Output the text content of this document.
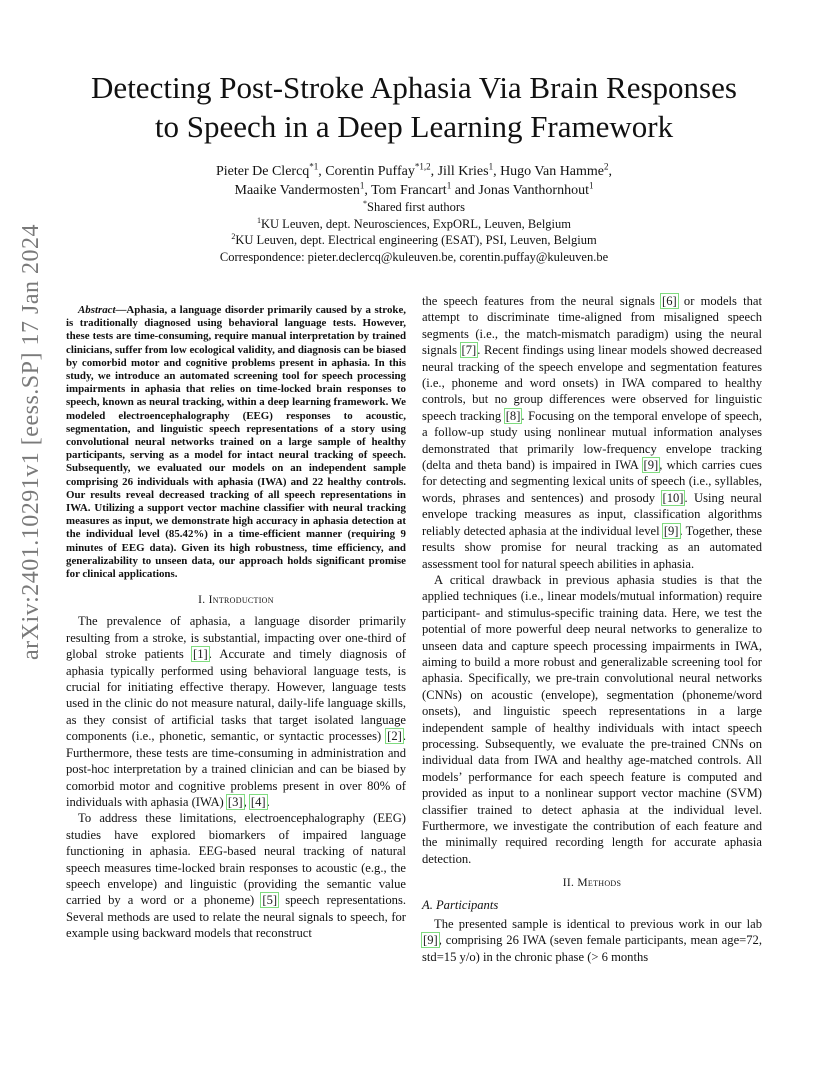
arXiv:2401.10291v1 [eess.SP] 17 Jan 2024
Detecting Post-Stroke Aphasia Via Brain Responses
to Speech in a Deep Learning Framework
Pieter De Clercq$^{*1}$, Corentin Puffay$^{*1,2}$, Jill Kries$^1$, Hugo Van Hamme$^2$,
Maaike Vandermosten$^1$, Tom Francart$^1$ and Jonas Vanthornhout$^1$
*Shared first authors
$^1$KU Leuven, dept. Neurosciences, ExpORL, Leuven, Belgium
$^2$KU Leuven, dept. Electrical engineering (ESAT), PSI, Leuven, Belgium
Correspondence: pieter.declercq@kuleuven.be, corentin.puffay@kuleuven.be

Abstract—Aphasia, a language disorder primarily caused by a stroke, is traditionally diagnosed using behavioral language tests. However, these tests are time-consuming, require manual interpretation by trained clinicians, suffer from low ecological validity, and diagnosis can be biased by comorbid motor and cognitive problems present in aphasia. In this study, we introduce an automated screening tool for speech processing impairments in aphasia that relies on time-locked brain responses to speech, known as neural tracking, within a deep learning framework. We modeled electroencephalography (EEG) responses to acoustic, segmentation, and linguistic speech representations of a story using convolutional neural networks trained on a large sample of healthy participants, serving as a model for intact neural tracking of speech. Subsequently, we evaluated our models on an independent sample comprising 26 individuals with aphasia (IWA) and 22 healthy controls. Our results reveal decreased tracking of all speech representations in IWA. Utilizing a support vector machine classifier with neural tracking measures as input, we demonstrate high accuracy in aphasia detection at the individual level (85.42%) in a time-efficient manner (requiring 9 minutes of EEG data). Given its high robustness, time efficiency, and generalizability to unseen data, our approach holds significant promise for clinical applications.

I. Introduction

The prevalence of aphasia, a language disorder primarily resulting from a stroke, is substantial, impacting over one-third of global stroke patients [1]. Accurate and timely diagnosis of aphasia typically performed using behavioral language tests, is crucial for initiating effective therapy. However, language tests used in the clinic do not measure natural, daily-life language skills, as they consist of artificial tasks that target isolated language components (i.e., phonetic, semantic, or syntactic processes) [2]. Furthermore, these tests are time-consuming in administration and post-hoc interpretation by a trained clinician and can be biased by comorbid motor and cognitive problems present in over 80% of individuals with aphasia (IWA) [3], [4].

To address these limitations, electroencephalography (EEG) studies have explored biomarkers of impaired language functioning in aphasia. EEG-based neural tracking of natural speech measures time-locked brain responses to acoustic (e.g., the speech envelope) and linguistic (providing the semantic value carried by a word or a phoneme) [5] speech representations. Several methods are used to relate the neural signals to speech, for example using backward models that reconstruct

the speech features from the neural signals [6] or models that attempt to discriminate time-aligned from misaligned speech segments (i.e., the match-mismatch paradigm) using the neural signals [7]. Recent findings using linear models showed decreased neural tracking of the speech envelope and segmentation features (i.e., phoneme and word onsets) in IWA compared to healthy controls, but no group differences were observed for linguistic speech tracking [8]. Focusing on the temporal envelope of speech, a follow-up study using nonlinear mutual information analyses demonstrated that primarily low-frequency envelope tracking (delta and theta band) is impaired in IWA [9], which carries cues for detecting and segmenting lexical units of speech (i.e., syllables, words, phrases and sentences) and prosody [10]. Using neural envelope tracking measures as input, classification algorithms reliably detected aphasia at the individual level [9]. Together, these results show promise for neural tracking as an automated assessment tool for natural speech abilities in aphasia.

A critical drawback in previous aphasia studies is that the applied techniques (i.e., linear models/mutual information) require participant- and stimulus-specific training data. Here, we test the potential of more powerful deep neural networks to generalize to unseen data and capture speech processing impairments in IWA, aiming to build a more robust and generalizable screening tool for aphasia. Specifically, we pre-train convolutional neural networks (CNNs) on acoustic (envelope), segmentation (phoneme/word onsets), and linguistic speech representations in a large independent sample of healthy individuals with intact speech processing. Subsequently, we evaluate the pre-trained CNNs on individual data from IWA and healthy age-matched controls. All models’ performance for each speech feature is computed and provided as input to a nonlinear support vector machine (SVM) classifier trained to detect aphasia at the individual level. Furthermore, we investigate the contribution of each feature and the minimally required recording length for accurate aphasia detection.

II. Methods
A. Participants

The presented sample is identical to previous work in our lab [9], comprising 26 IWA (seven female participants, mean age=72, std=15 y/o) in the chronic phase (> 6 months
